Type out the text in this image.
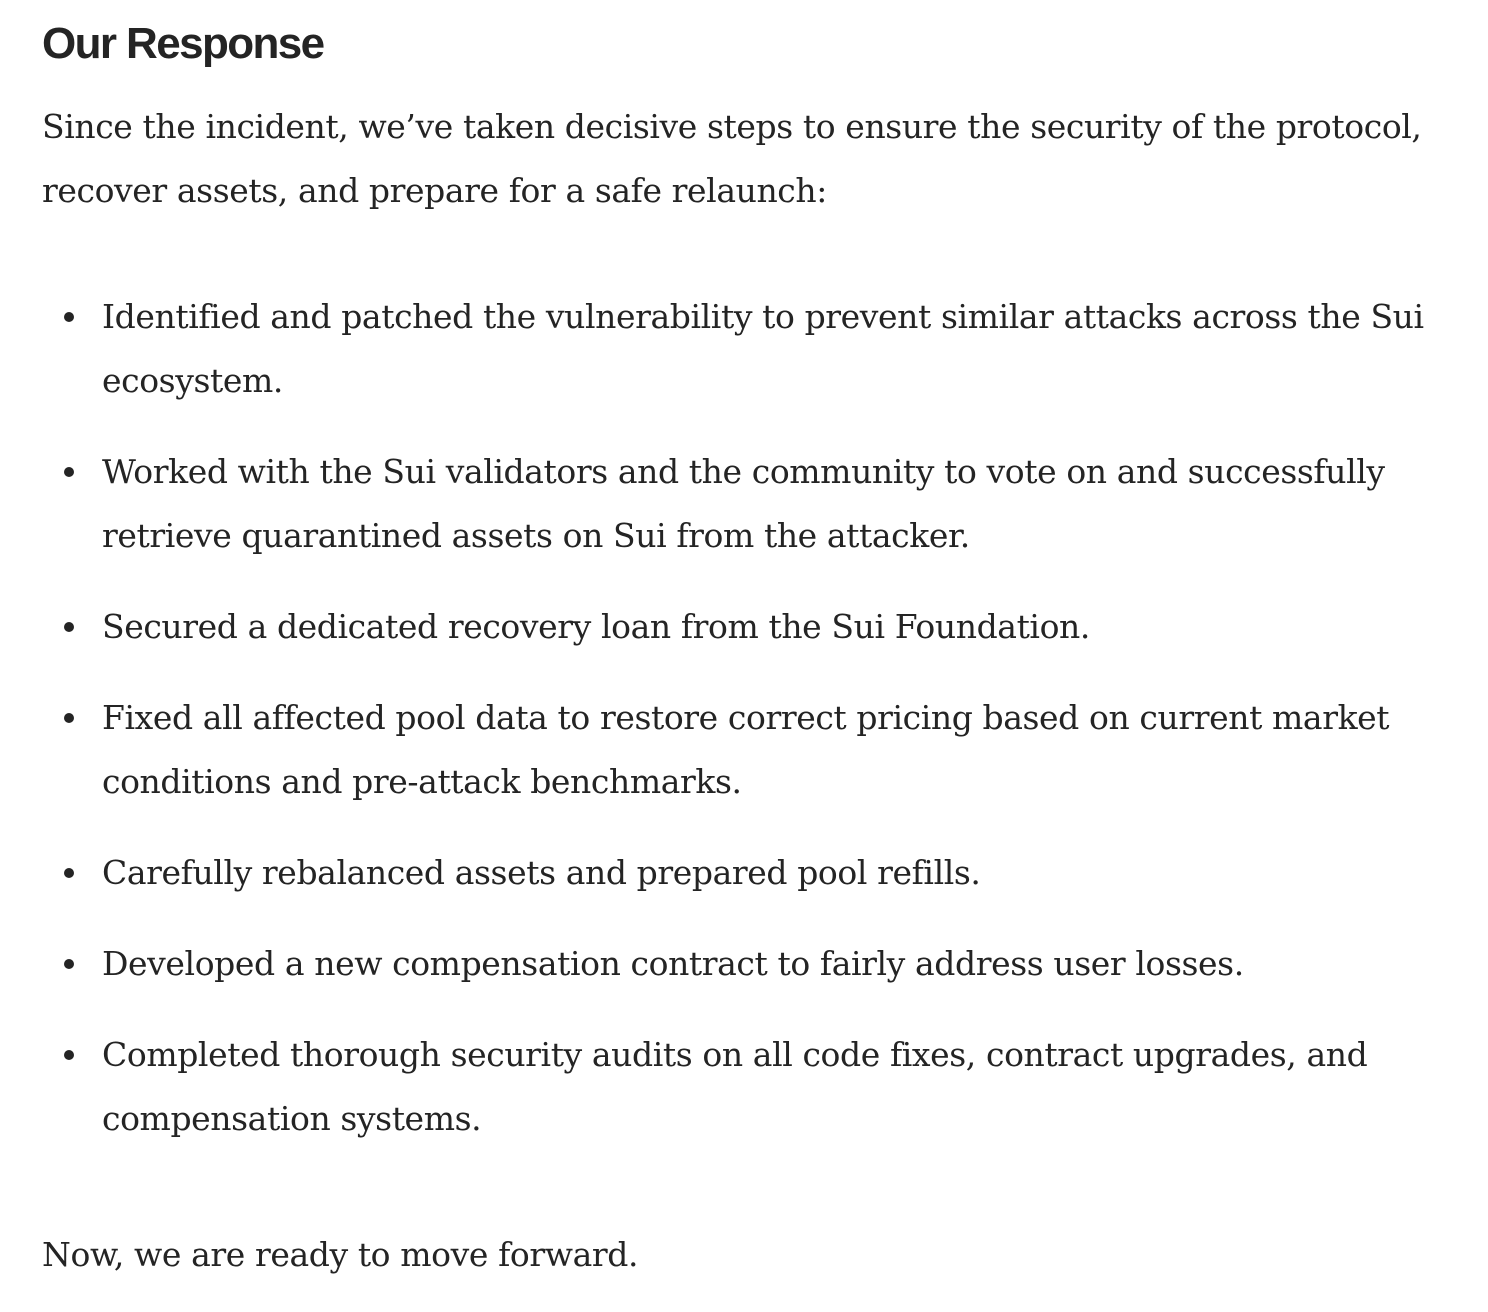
Our Response

Since the incident, we’ve taken decisive steps to ensure the security of the protocol, recover assets, and prepare for a safe relaunch:

Identified and patched the vulnerability to prevent similar attacks across the Sui ecosystem.
Worked with the Sui validators and the community to vote on and successfully retrieve quarantined assets on Sui from the attacker.
Secured a dedicated recovery loan from the Sui Foundation.
Fixed all affected pool data to restore correct pricing based on current market conditions and pre-attack benchmarks.
Carefully rebalanced assets and prepared pool refills.
Developed a new compensation contract to fairly address user losses.
Completed thorough security audits on all code fixes, contract upgrades, and compensation systems.

Now, we are ready to move forward.
